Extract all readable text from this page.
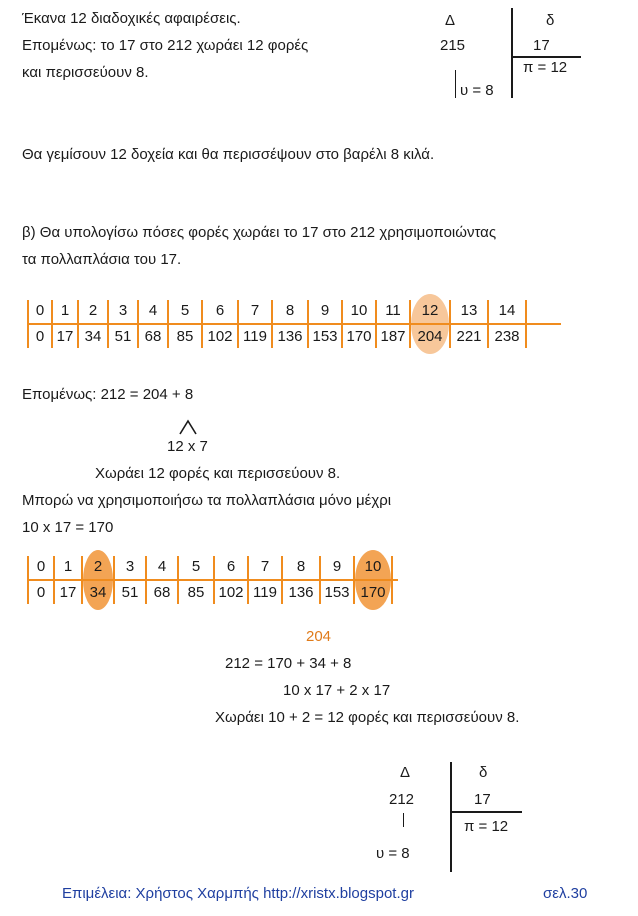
Έκανα 12 διαδοχικές αφαιρέσεις.
Επομένως: το 17 στο 212 χωράει 12 φορές
και περισσεύουν 8.
Δ	δ
215	17
π = 12
υ = 8
Θα γεμίσουν 12 δοχεία και θα περισσέψουν στο βαρέλι 8 κιλά.
β) Θα υπολογίσω πόσες φορές χωράει το 17 στο 212 χρησιμοποιώντας
τα πολλαπλάσια του 17.
0	1	2	3	4	5	6	7	8	9	10	11	12	13	14
0 17 34 51 68	85 102 119 136 153 170 187 204 221 238
Επομένως: 212 = 204 + 8
12 x 7
Χωράει 12 φορές και περισσεύουν 8.
Μπορώ να χρησιμοποιήσω τα πολλαπλάσια μόνο μέχρι
10 x 17 = 170
0	1	2	3	4	5	6	7	8	9	10
0 17 34	51	68	85 102 119 136 153 170
204
212 = 170 + 34 + 8
10 x 17 + 2 x 17
Χωράει 10 + 2 = 12 φορές και περισσεύουν 8.
Δ	δ
212	17
π = 12
υ = 8
Επιμέλεια: Χρήστος Χαρμπής http://xristx.blogspot.gr	σελ.30
